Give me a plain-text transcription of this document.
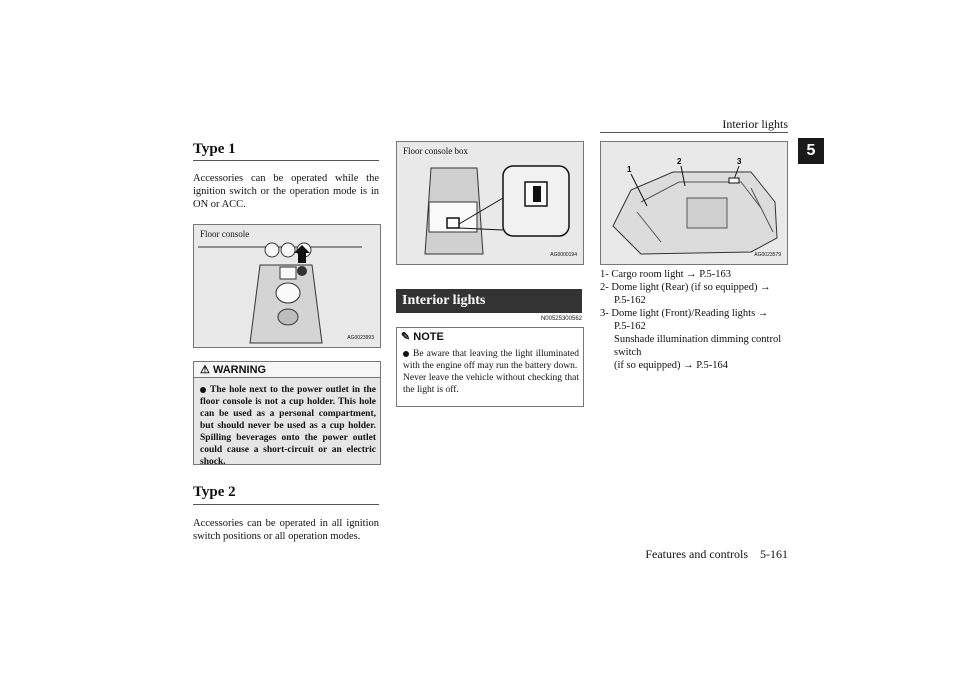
Interior lights
5
Type 1
Accessories can be operated while the ignition switch or the operation mode is in ON or ACC.
Floor console
AG0023993
⚠ WARNING
The hole next to the power outlet in the floor console is not a cup holder. This hole can be used as a personal compartment, but should never be used as a cup holder. Spilling beverages onto the power outlet could cause a short-circuit or an electric shock.
Type 2
Accessories can be operated in all ignition switch positions or all operation modes.
Floor console box
AG0000194
Interior lights
N00525300562
✎ NOTE
Be aware that leaving the light illuminated with the engine off may run the battery down.
Never leave the vehicle without checking that the light is off.
1
2	3
AG0023579
1- Cargo room light → P.5-163
2- Dome light (Rear) (if so equipped) →
P.5-162
3- Dome light (Front)/Reading lights →
P.5-162
Sunshade illumination dimming control
switch
(if so equipped) → P.5-164
Features and controls    5-161
